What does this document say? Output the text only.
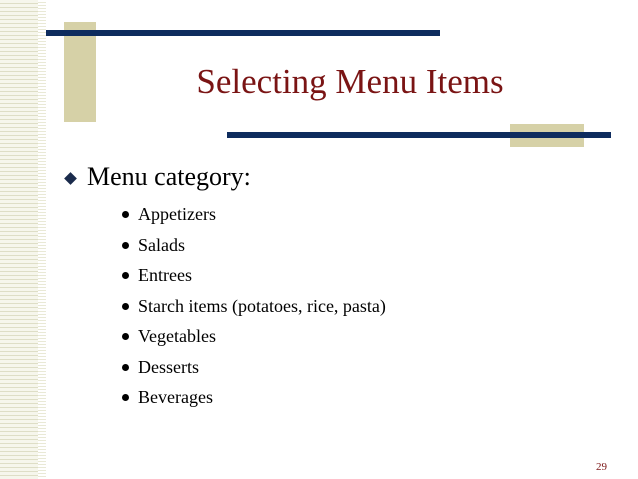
Selecting Menu Items
Menu category:
Appetizers
Salads
Entrees
Starch items (potatoes, rice, pasta)
Vegetables
Desserts
Beverages
29
